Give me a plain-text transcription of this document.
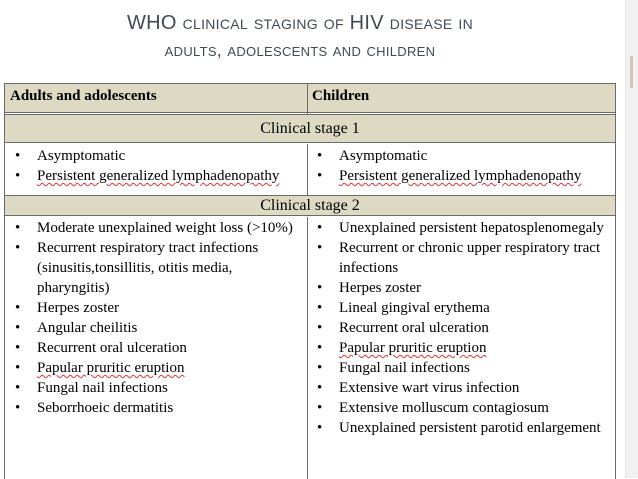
WHO clinical staging of HIV disease in
adults, adolescents and children
Adults and adolescents	Children
Clinical stage 1
• Asymptomatic
• Persistent generalized lymphadenopathy
• Asymptomatic
• Persistent generalized lymphadenopathy
Clinical stage 2
• Moderate unexplained weight loss (>10%)
• Recurrent respiratory tract infections (sinusitis,tonsillitis, otitis media, pharyngitis)
• Herpes zoster
• Angular cheilitis
• Recurrent oral ulceration
• Papular pruritic eruption
• Fungal nail infections
• Seborrhoeic dermatitis
• Unexplained persistent hepatosplenomegaly
• Recurrent or chronic upper respiratory tract infections
• Herpes zoster
• Lineal gingival erythema
• Recurrent oral ulceration
• Papular pruritic eruption
• Fungal nail infections
• Extensive wart virus infection
• Extensive molluscum contagiosum
• Unexplained persistent parotid enlargement
